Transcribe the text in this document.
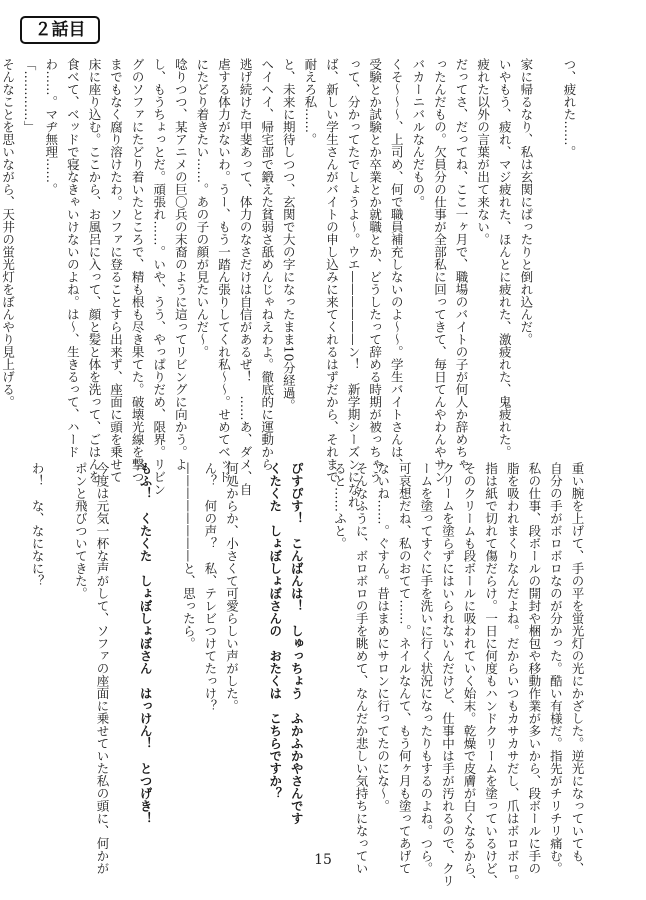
２話目
つ、疲れた……。

家に帰るなり、私は玄関にぱったりと倒れ込んだ。
いやもう、疲れ、マジ疲れた、ほんとに疲れた、激疲れた、鬼疲れた。
疲れた以外の言葉が出て来ない。
だってさ、だってね、ここ一ヶ月で、職場のバイトの子が何人か辞めちゃ
ったんだもの。欠員分の仕事が全部私に回ってきて、毎日てんやわんやサン
バカーニバルなんだもの。
くそ〜〜〜、上司め、何で職員補充しないのよ〜〜。学生バイトさんは、
受験とか試験とか卒業とか就職とか、どうしたって辞める時期が被っちゃう
って、分かってたでしょうよ〜。ウエ——————ン！　新学期シーズンになれ
ば、新しい学生さんがバイトの申し込みに来てくれるはずだから、それまで
耐えろ私……。
と、未来に期待しつつ、玄関で大の字になったまま10分経過。
へイヘイ、帰宅部で鍛えた貧弱さ舐めんじゃねえわよ。徹底的に運動から
逃げ続けた甲斐あって、体力のなさだけは自信があるぜ！　……あ、ダメ、自
虐する体力がないわ。うー、もう一踏ん張りしてくれ私〜〜。せめてベッド
にたどり着きたい……。あの子の顔が見たいんだ〜。
唸りつつ、某アニメの巨〇兵の末裔のように這ってリビングに向かう。よ
し、もうちょっとだ。頑張れ……。いや、うう、やっぱりだめ、限界。リビン
グのソファにたどり着いたところで、精も根も尽き果てた。破壊光線を撃つ
までもなく腐り溶けたわ。ソファに登ることすら出来ず、座面に頭を乗せて
床に座り込む。ここから、お風呂に入って、顔と髪と体を洗って、ごはんを
食べて、ベッドで寝なきゃいけないのよね。は〜、生きるって、ハード
わ……。マヂ無理……。
「…………」
そんなことを思いながら、天井の蛍光灯をぼんやり見上げる。
重い腕を上げて、手の平を蛍光灯の光にかざした。逆光になっていても、
自分の手がボロボロなのが分かった。酷い有様だ。指先がチリチリ痛む。
私の仕事、段ボールの開封や梱包や移動作業が多いから、段ボールに手の
脂を吸われまくりなんだよね。だからいつもカサカサだし、爪はボロボロ。
指は紙で切れて傷だらけ。一日に何度もハンドクリームを塗っているけど、
そのクリームも段ボールに吸われていく始末。乾燥で皮膚が白くなるから、
クリームを塗らずにはいられないんだけど、仕事中は手が汚れるので、クリ
ームを塗ってすぐに手を洗いに行く状況になったりもするのよね。つら。
可哀想だね、私のおてて……。ネイルなんて、もう何ヶ月も塗ってあげて
ないね……。ぐすん。昔はまめにサロンに行ってたのにな〜。
そんなふうに、ボロボロの手を眺めて、なんだか悲しい気持ちになってい
ると……ふと。

ぴすぴす！　こんばんは！　しゅっちょう　ふかふかやさんです
くたくた　しょぼしょぼさんの　おたくは　こちらですか？

何処からか、小さくて可愛らしい声がした。
ん？　何の声？　私、テレビつけてたっけ？
————————と、思ったら。

もふ！　くたくた　しょぼしょぼさん　はっけん！　とつげき！

今度は元気一杯な声がして、ソファの座面に乗せていた私の頭に、何かが
ポンと飛びついてきた。

わ！　な、なになに？
15
